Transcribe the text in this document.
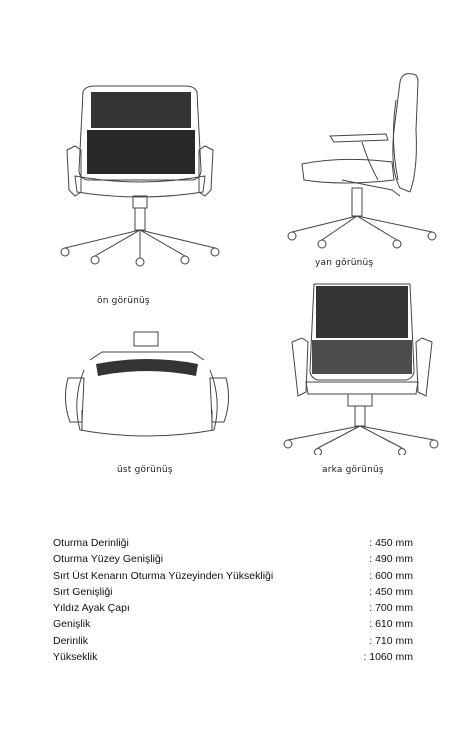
ön görünüş
yan görünüş
üst görünüş	arka görünüş
Oturma Derinliği	: 450 mm
Oturma Yüzey Genişliği	: 490 mm
Sırt Üst Kenarın Oturma Yüzeyinden Yüksekliği	: 600 mm
Sırt Genişliği	: 450 mm
Yıldız Ayak Çapı	: 700 mm
Genişlik	: 610 mm
Derinlik	: 710 mm
Yükseklik	: 1060 mm
